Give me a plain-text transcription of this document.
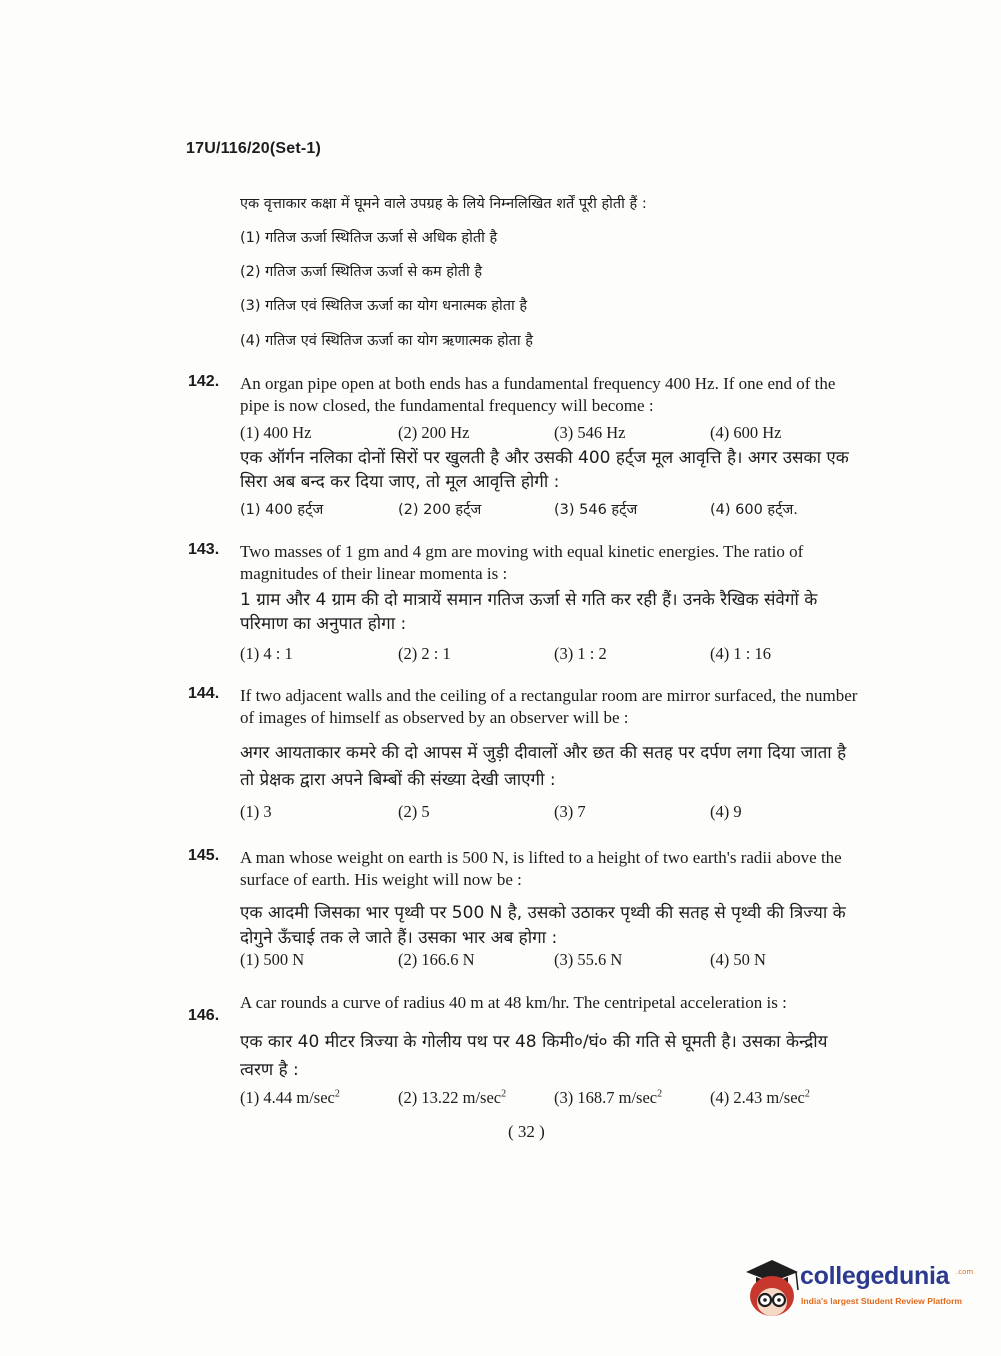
17U/116/20(Set-1)
एक वृत्ताकार कक्षा में घूमने वाले उपग्रह के लिये निम्नलिखित शर्तें पूरी होती हैं :
(1) गतिज ऊर्जा स्थितिज ऊर्जा से अधिक होती है
(2) गतिज ऊर्जा स्थितिज ऊर्जा से कम होती है
(3) गतिज एवं स्थितिज ऊर्जा का योग धनात्मक होता है
(4) गतिज एवं स्थितिज ऊर्जा का योग ऋणात्मक होता है
142. An organ pipe open at both ends has a fundamental frequency 400 Hz. If one end of the pipe is now closed, the fundamental frequency will become :
(1) 400 Hz	(2) 200 Hz	(3) 546 Hz	(4) 600 Hz
एक ऑर्गन नलिका दोनों सिरों पर खुलती है और उसकी 400 हर्ट्ज मूल आवृत्ति है। अगर उसका एक सिरा अब बन्द कर दिया जाए, तो मूल आवृत्ति होगी :
(1) 400 हर्ट्ज	(2) 200 हर्ट्ज	(3) 546 हर्ट्ज	(4) 600 हर्ट्ज.
143. Two masses of 1 gm and 4 gm are moving with equal kinetic energies. The ratio of magnitudes of their linear momenta is :
1 ग्राम और 4 ग्राम की दो मात्रायें समान गतिज ऊर्जा से गति कर रही हैं। उनके रैखिक संवेगों के परिमाण का अनुपात होगा :
(1) 4 : 1	(2) 2 : 1	(3) 1 : 2	(4) 1 : 16
144. If two adjacent walls and the ceiling of a rectangular room are mirror surfaced, the number of images of himself as observed by an observer will be :
अगर आयताकार कमरे की दो आपस में जुड़ी दीवालों और छत की सतह पर दर्पण लगा दिया जाता है तो प्रेक्षक द्वारा अपने बिम्बों की संख्या देखी जाएगी :
(1) 3	(2) 5	(3) 7	(4) 9
145. A man whose weight on earth is 500 N, is lifted to a height of two earth's radii above the surface of earth. His weight will now be :
एक आदमी जिसका भार पृथ्वी पर 500 N है, उसको उठाकर पृथ्वी की सतह से पृथ्वी की त्रिज्या के दोगुने ऊँचाई तक ले जाते हैं। उसका भार अब होगा :
(1) 500 N	(2) 166.6 N	(3) 55.6 N	(4) 50 N
146.
A car rounds a curve of radius 40 m at 48 km/hr. The centripetal acceleration is :
एक कार 40 मीटर त्रिज्या के गोलीय पथ पर 48 किमी०/घं० की गति से घूमती है। उसका केन्द्रीय त्वरण है :
(1) 4.44 $m/\sec^2$	(2) 13.22 $m/\sec^2$	(3) 168.7 $m/\sec^2$	(4) 2.43 $m/\sec^2$
( 32 )
collegedunia .com
India's largest Student Review Platform
